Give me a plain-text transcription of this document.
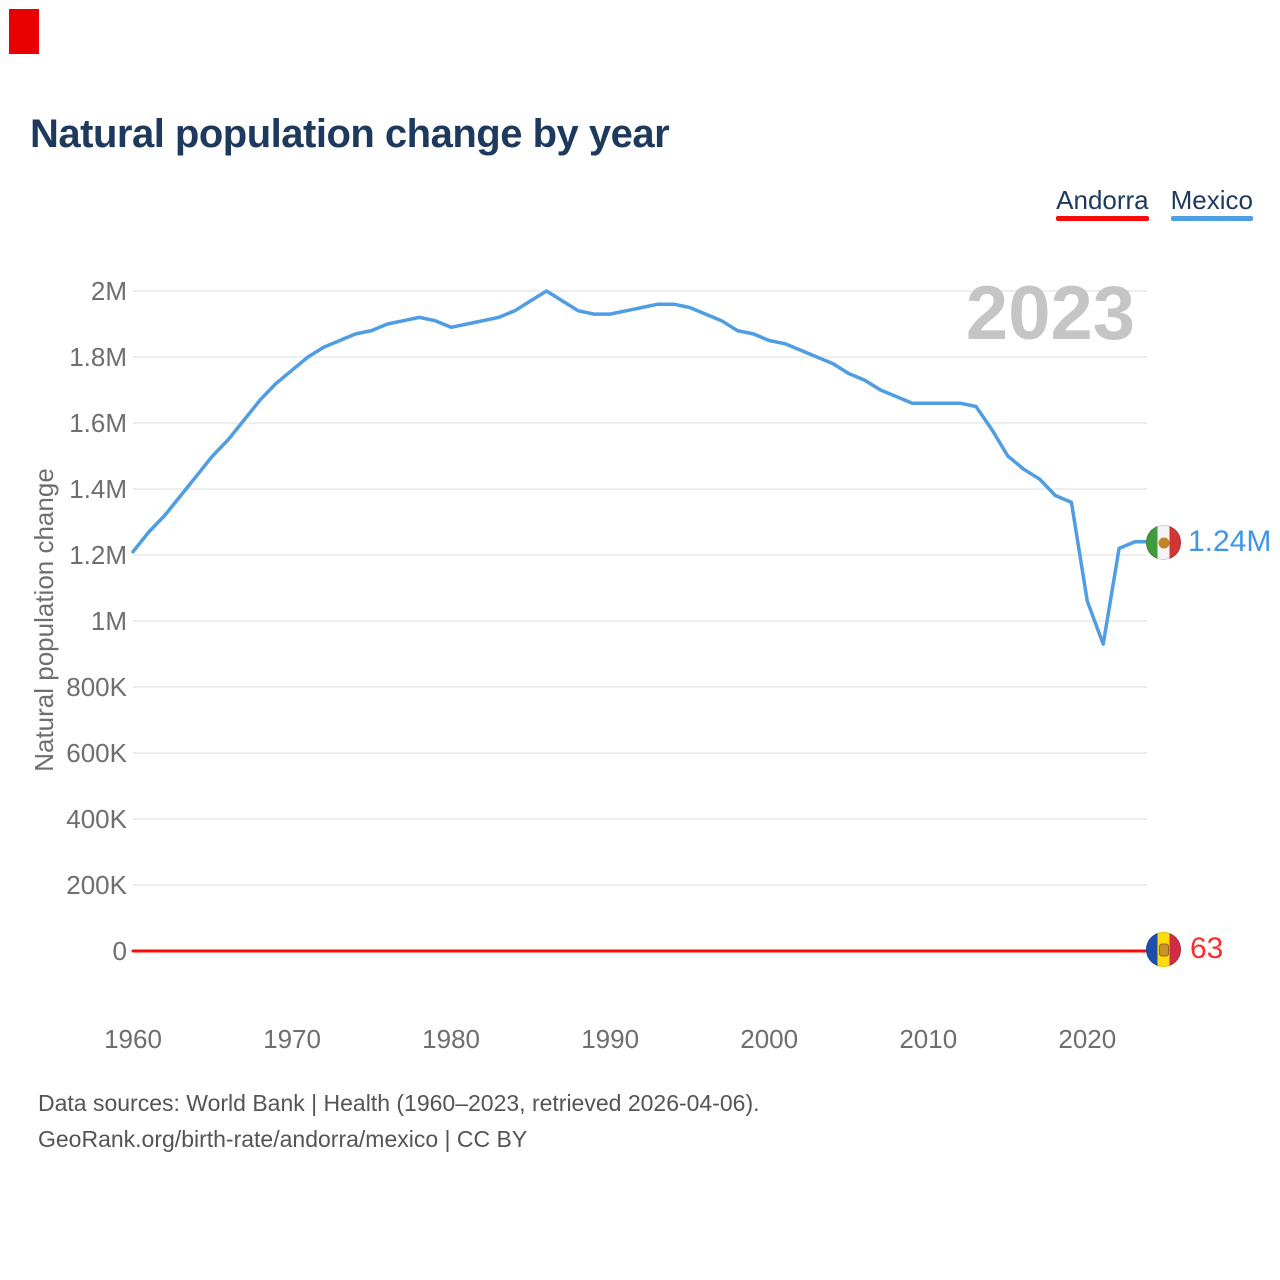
Natural population change by year
Andorra Mexico
2023
2M
1.8M
1.6M
1.4M
1.2M
1M
800K
600K
400K
200K
0
1960	1970	1980	1990	2000	2010	2020
Natural population change	1.24M
63
Data sources: World Bank | Health (1960–2023, retrieved 2026-04-06).
GeoRank.org/birth-rate/andorra/mexico | CC BY
